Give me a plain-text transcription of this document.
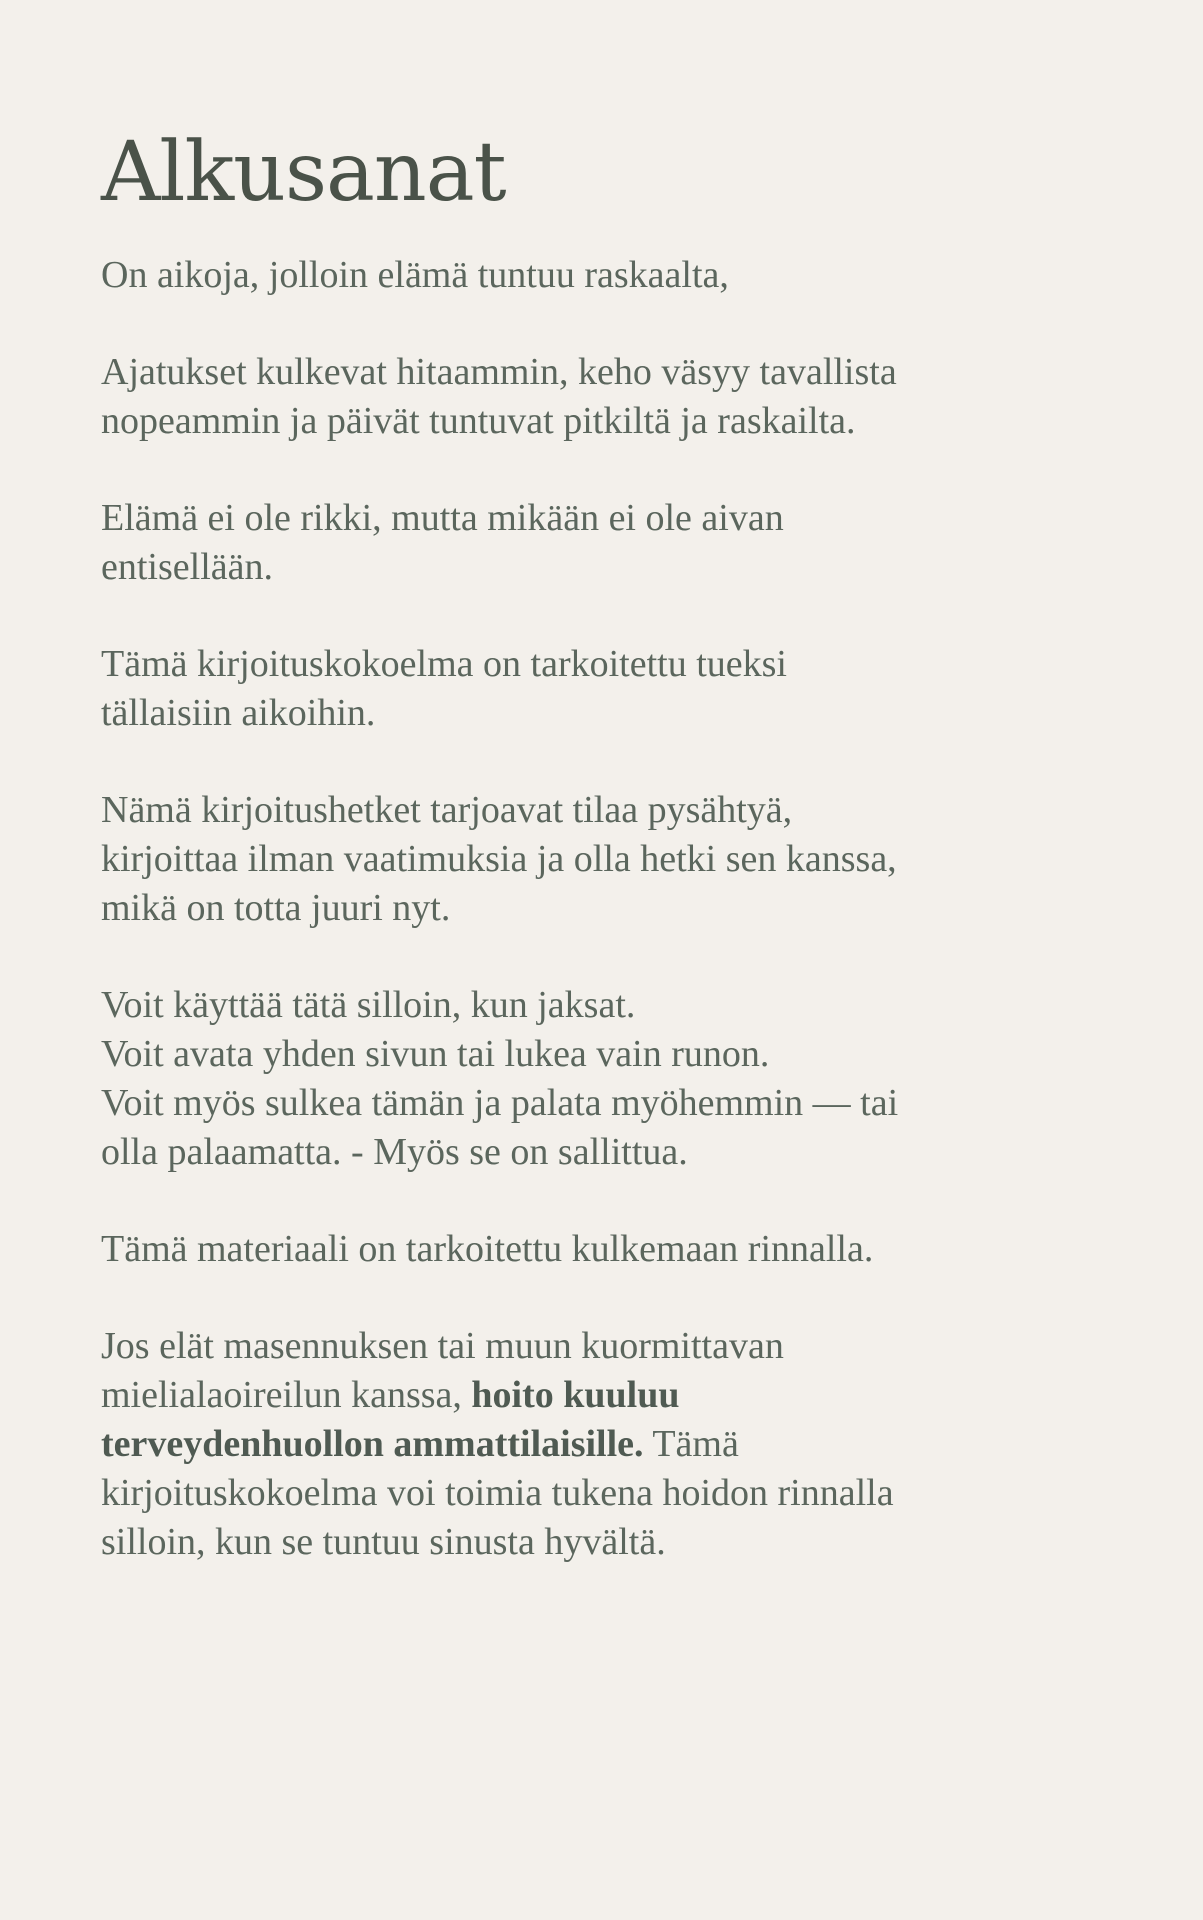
Alkusanat

On aikoja, jolloin elämä tuntuu raskaalta,

Ajatukset kulkevat hitaammin, keho väsyy tavallista
nopeammin ja päivät tuntuvat pitkiltä ja raskailta.

Elämä ei ole rikki, mutta mikään ei ole aivan
entisellään.

Tämä kirjoituskokoelma on tarkoitettu tueksi
tällaisiin aikoihin.

Nämä kirjoitushetket tarjoavat tilaa pysähtyä,
kirjoittaa ilman vaatimuksia ja olla hetki sen kanssa,
mikä on totta juuri nyt.

Voit käyttää tätä silloin, kun jaksat.
Voit avata yhden sivun tai lukea vain runon.
Voit myös sulkea tämän ja palata myöhemmin — tai
olla palaamatta. - Myös se on sallittua.

Tämä materiaali on tarkoitettu kulkemaan rinnalla.

Jos elät masennuksen tai muun kuormittavan
mielialaoireilun kanssa, hoito kuuluu
terveydenhuollon ammattilaisille. Tämä
kirjoituskokoelma voi toimia tukena hoidon rinnalla
silloin, kun se tuntuu sinusta hyvältä.
